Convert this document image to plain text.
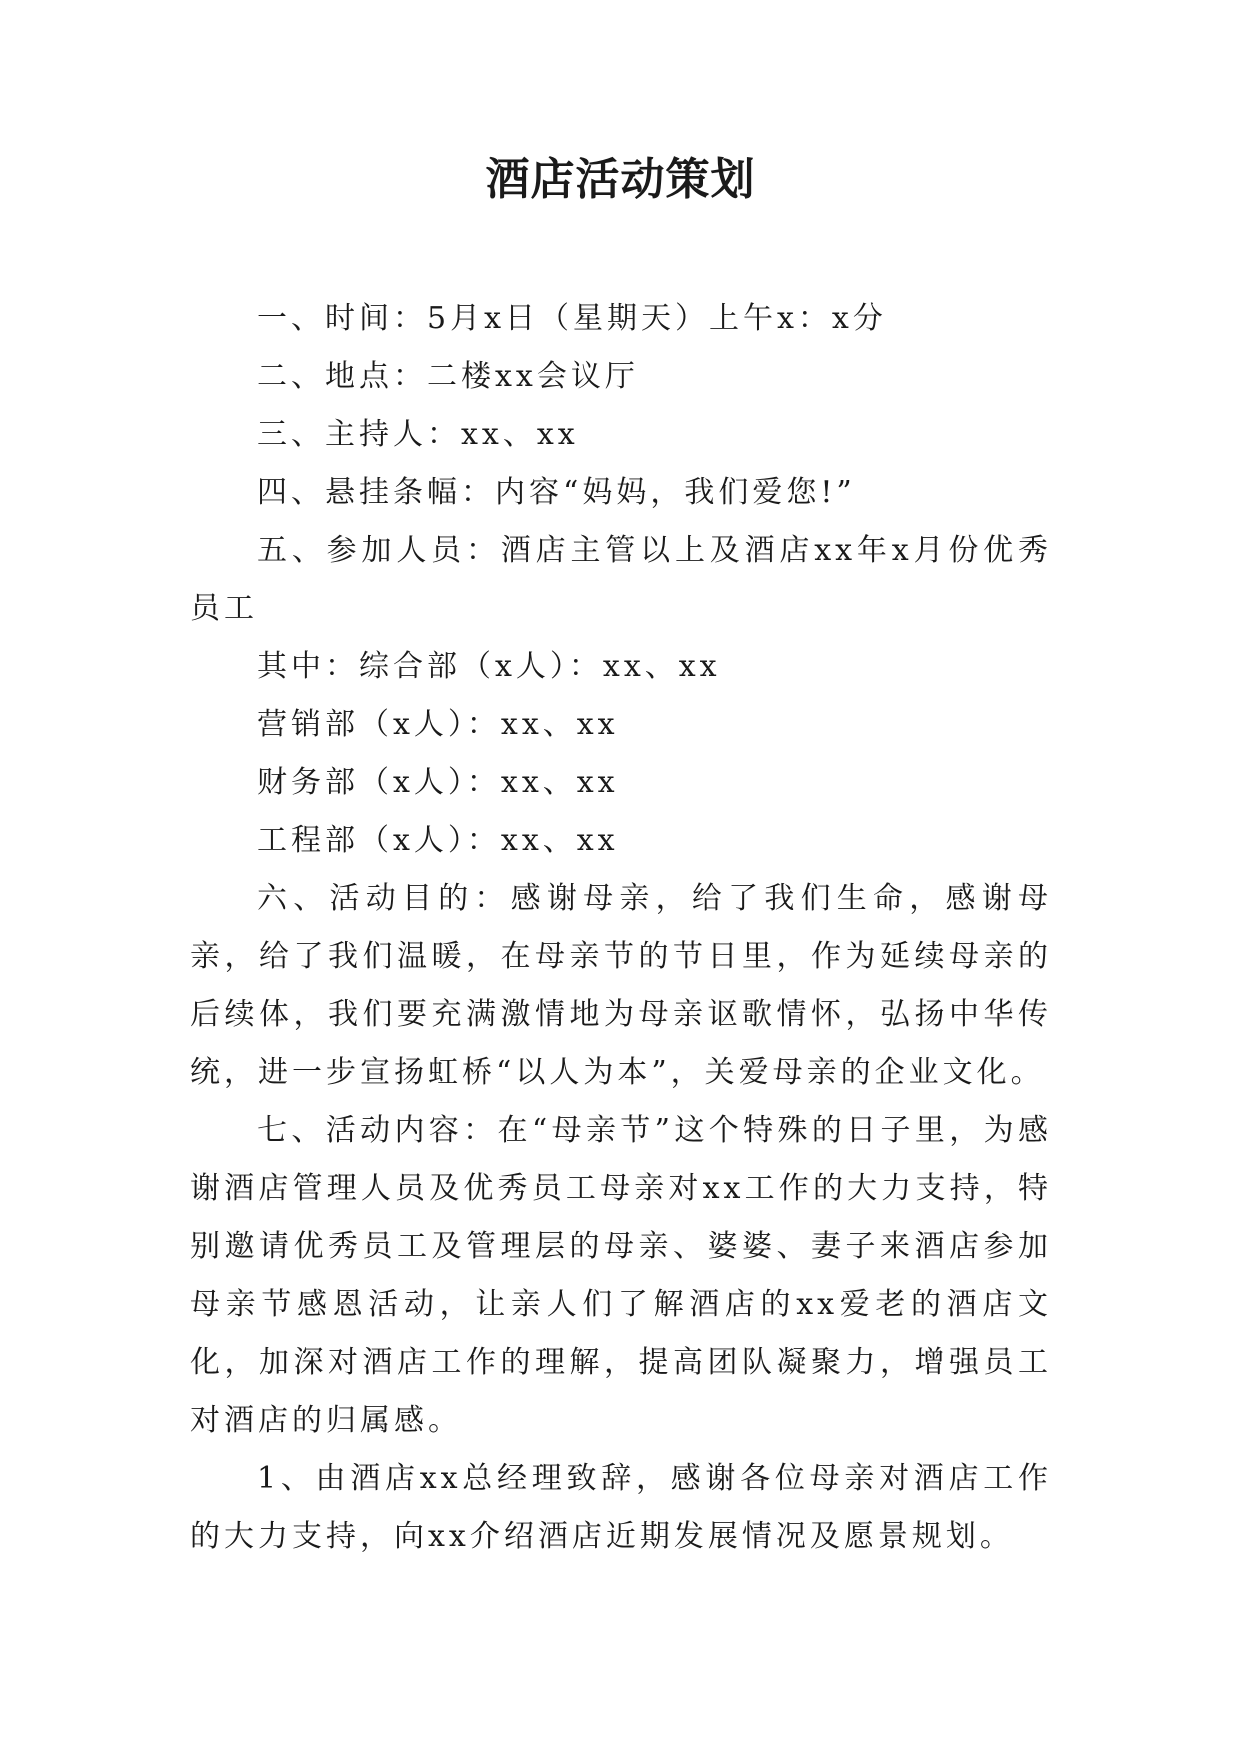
酒店活动策划

一、时间：5月x日（星期天）上午x：x分

二、地点：二楼xx会议厅

三、主持人：xx、xx

四、悬挂条幅：内容“妈妈，我们爱您!”

五、参加人员：酒店主管以上及酒店xx年x月份优秀员工

其中：综合部（x人）：xx、xx

营销部（x人）：xx、xx

财务部（x人）：xx、xx

工程部（x人）：xx、xx

六、活动目的：感谢母亲，给了我们生命，感谢母亲，给了我们温暖，在母亲节的节日里，作为延续母亲的后续体，我们要充满激情地为母亲讴歌情怀，弘扬中华传统，进一步宣扬虹桥“以人为本”，关爱母亲的企业文化。

七、活动内容：在“母亲节”这个特殊的日子里，为感谢酒店管理人员及优秀员工母亲对xx工作的大力支持，特别邀请优秀员工及管理层的母亲、婆婆、妻子来酒店参加母亲节感恩活动，让亲人们了解酒店的xx爱老的酒店文化，加深对酒店工作的理解，提高团队凝聚力，增强员工对酒店的归属感。

1、由酒店xx总经理致辞，感谢各位母亲对酒店工作的大力支持，向xx介绍酒店近期发展情况及愿景规划。
